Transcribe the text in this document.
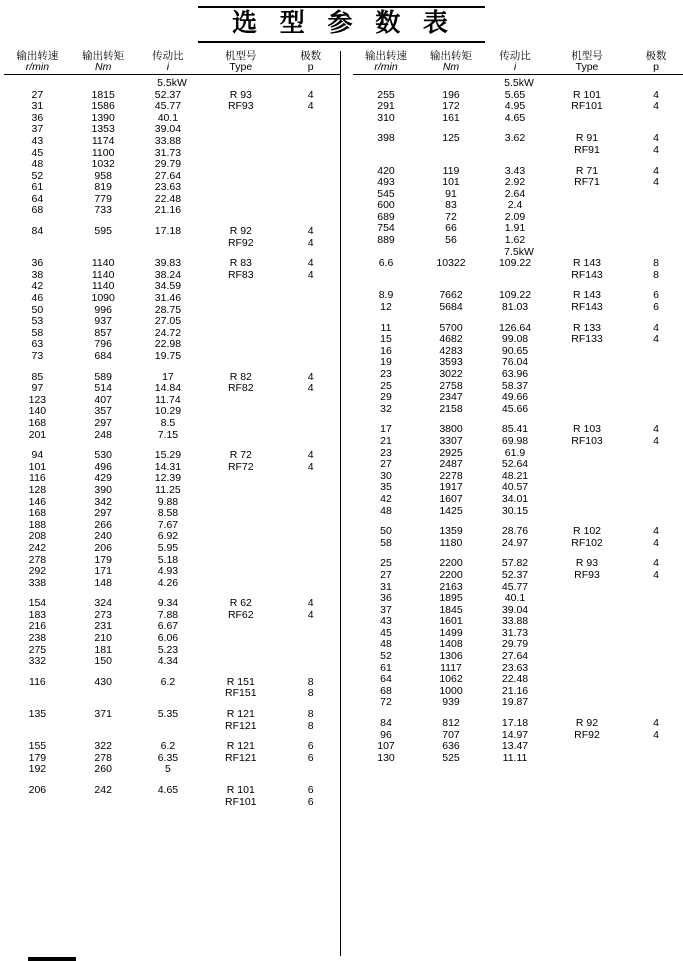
选 型 参 数 表
输出转速	输出转矩	传动比	机型号	极数
r/min	Nm	i	Type	p

5.5kW				
27	1815	52.37	R 93	4
31	1586	45.77	RF93	4
36	1390	40.1		
37	1353	39.04		
43	1174	33.88		
45	1100	31.73		
48	1032	29.79		
52	958	27.64		
61	819	23.63		
64	779	22.48		
68	733	21.16		

84	595	17.18	R 92	4
			RF92	4

36	1140	39.83	R 83	4
38	1140	38.24	RF83	4
42	1140	34.59		
46	1090	31.46		
50	996	28.75		
53	937	27.05		
58	857	24.72		
63	796	22.98		
73	684	19.75		

85	589	17	R 82	4
97	514	14.84	RF82	4
123	407	11.74		
140	357	10.29		
168	297	8.5		
201	248	7.15		

94	530	15.29	R 72	4
101	496	14.31	RF72	4
116	429	12.39		
128	390	11.25		
146	342	9.88		
168	297	8.58		
188	266	7.67		
208	240	6.92		
242	206	5.95		
278	179	5.18		
292	171	4.93		
338	148	4.26		

154	324	9.34	R 62	4
183	273	7.88	RF62	4
216	231	6.67		
238	210	6.06		
275	181	5.23		
332	150	4.34		

116	430	6.2	R 151	8
			RF151	8

135	371	5.35	R 121	8
			RF121	8

155	322	6.2	R 121	6
179	278	6.35	RF121	6
192	260	5		

206	242	4.65	R 101	6
			RF101	6
输出转速	输出转矩	传动比	机型号	极数
r/min	Nm	i	Type	p

5.5kW				
255	196	5.65	R 101	4
291	172	4.95	RF101	4
310	161	4.65		

398	125	3.62	R 91	4
			RF91	4

420	119	3.43	R 71	4
493	101	2.92	RF71	4
545	91	2.64		
600	83	2.4		
689	72	2.09		
754	66	1.91		
889	56	1.62		
7.5kW				
6.6	10322	109.22	R 143	8
			RF143	8

8.9	7662	109.22	R 143	6
12	5684	81.03	RF143	6

11	5700	126.64	R 133	4
15	4682	99.08	RF133	4
16	4283	90.65		
19	3593	76.04		
23	3022	63.96		
25	2758	58.37		
29	2347	49.66		
32	2158	45.66		

17	3800	85.41	R 103	4
21	3307	69.98	RF103	4
23	2925	61.9		
27	2487	52.64		
30	2278	48.21		
35	1917	40.57		
42	1607	34.01		
48	1425	30.15		

50	1359	28.76	R 102	4
58	1180	24.97	RF102	4

25	2200	57.82	R 93	4
27	2200	52.37	RF93	4
31	2163	45.77		
36	1895	40.1		
37	1845	39.04		
43	1601	33.88		
45	1499	31.73		
48	1408	29.79		
52	1306	27.64		
61	1117	23.63		
64	1062	22.48		
68	1000	21.16		
72	939	19.87		

84	812	17.18	R 92	4
96	707	14.97	RF92	4
107	636	13.47		
130	525	11.11		
